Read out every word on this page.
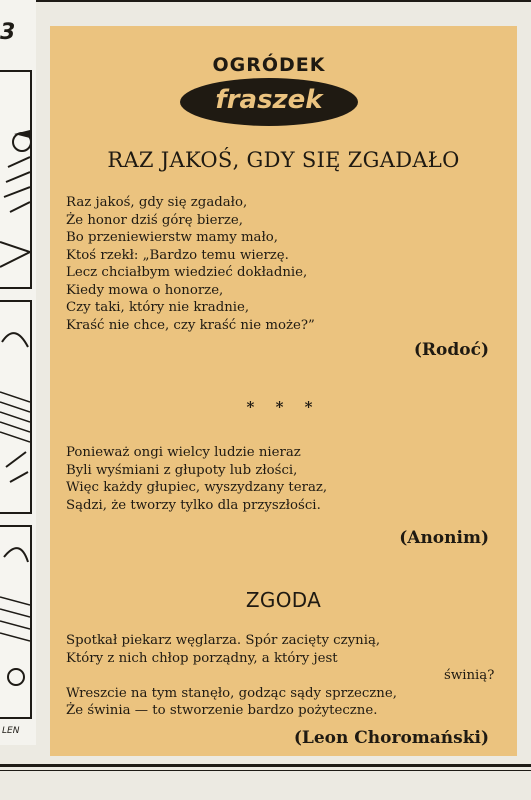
3
LEN
OGRÓDEK
fraszek
RAZ JAKOŚ, GDY SIĘ ZGADAŁO
Raz jakoś, gdy się zgadało,
Że honor dziś górę bierze,
Bo przeniewierstw mamy mało,
Ktoś rzekł: „Bardzo temu wierzę.
Lecz chciałbym wiedzieć dokładnie,
Kiedy mowa o honorze,
Czy taki, który nie kradnie,
Kraść nie chce, czy kraść nie może?”
(Rodoć)
* * *
Ponieważ ongi wielcy ludzie nieraz
Byli wyśmiani z głupoty lub złości,
Więc każdy głupiec, wyszydzany teraz,
Sądzi, że tworzy tylko dla przyszłości.
(Anonim)
ZGODA
Spotkał piekarz węglarza. Spór zacięty czynią,
Który z nich chłop porządny, a który jest
świnią?
Wreszcie na tym stanęło, godząc sądy sprzeczne,
Że świnia — to stworzenie bardzo pożyteczne.
(Leon Choromański)
